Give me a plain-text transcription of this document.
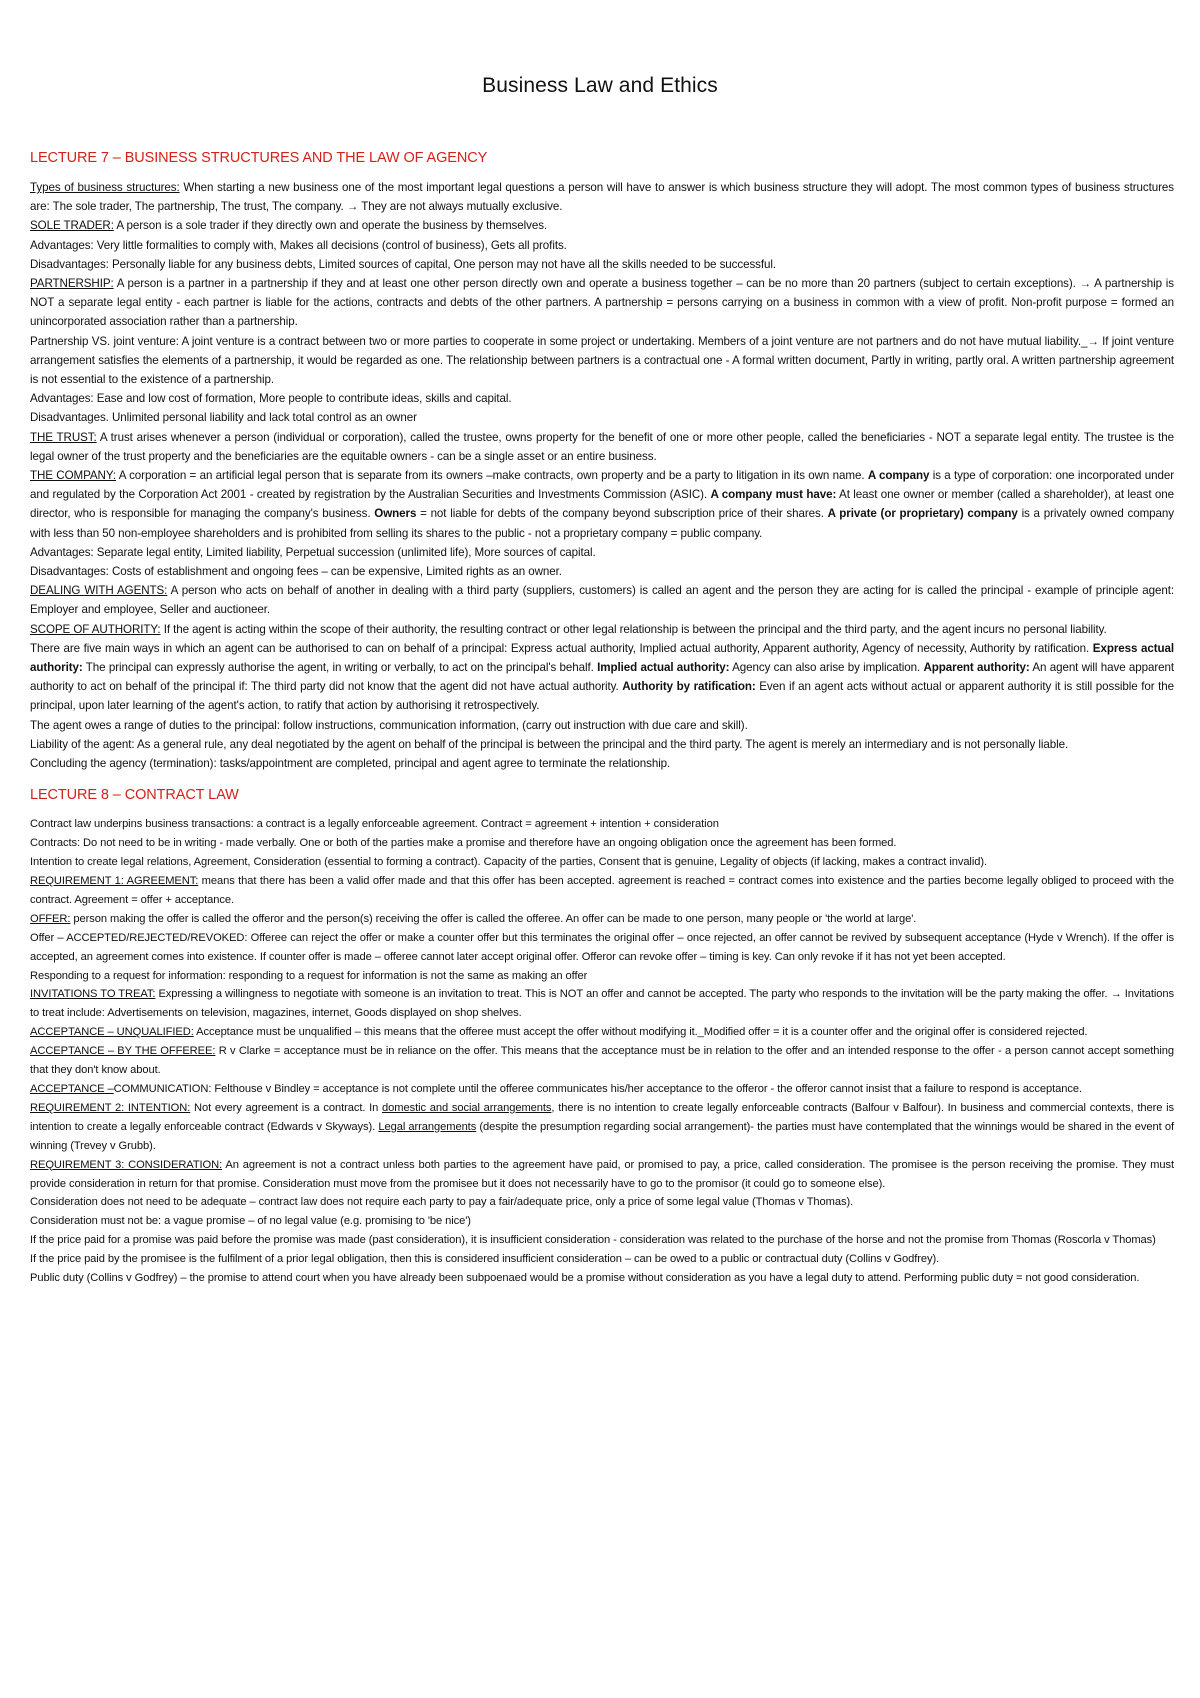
Business Law and Ethics
LECTURE 7 – BUSINESS STRUCTURES AND THE LAW OF AGENCY

Types of business structures: When starting a new business one of the most important legal questions a person will have to answer is which business structure they will adopt. The most common types of business structures are: The sole trader, The partnership, The trust, The company. → They are not always mutually exclusive.

SOLE TRADER: A person is a sole trader if they directly own and operate the business by themselves.

Advantages: Very little formalities to comply with, Makes all decisions (control of business), Gets all profits.

Disadvantages: Personally liable for any business debts, Limited sources of capital, One person may not have all the skills needed to be successful.

PARTNERSHIP: A person is a partner in a partnership if they and at least one other person directly own and operate a business together – can be no more than 20 partners (subject to certain exceptions). → A partnership is NOT a separate legal entity - each partner is liable for the actions, contracts and debts of the other partners. A partnership = persons carrying on a business in common with a view of profit. Non-profit purpose = formed an unincorporated association rather than a partnership.

Partnership VS. joint venture: A joint venture is a contract between two or more parties to cooperate in some project or undertaking. Members of a joint venture are not partners and do not have mutual liability._→ If joint venture arrangement satisfies the elements of a partnership, it would be regarded as one. The relationship between partners is a contractual one - A formal written document, Partly in writing, partly oral. A written partnership agreement is not essential to the existence of a partnership.

Advantages: Ease and low cost of formation, More people to contribute ideas, skills and capital.

Disadvantages. Unlimited personal liability and lack total control as an owner

THE TRUST: A trust arises whenever a person (individual or corporation), called the trustee, owns property for the benefit of one or more other people, called the beneficiaries - NOT a separate legal entity. The trustee is the legal owner of the trust property and the beneficiaries are the equitable owners - can be a single asset or an entire business.

THE COMPANY: A corporation = an artificial legal person that is separate from its owners –make contracts, own property and be a party to litigation in its own name. A company is a type of corporation: one incorporated under and regulated by the Corporation Act 2001 - created by registration by the Australian Securities and Investments Commission (ASIC). A company must have: At least one owner or member (called a shareholder), at least one director, who is responsible for managing the company's business. Owners = not liable for debts of the company beyond subscription price of their shares. A private (or proprietary) company is a privately owned company with less than 50 non-employee shareholders and is prohibited from selling its shares to the public - not a proprietary company = public company.

Advantages: Separate legal entity, Limited liability, Perpetual succession (unlimited life), More sources of capital.

Disadvantages: Costs of establishment and ongoing fees – can be expensive, Limited rights as an owner.

DEALING WITH AGENTS: A person who acts on behalf of another in dealing with a third party (suppliers, customers) is called an agent and the person they are acting for is called the principal - example of principle agent: Employer and employee, Seller and auctioneer.

SCOPE OF AUTHORITY: If the agent is acting within the scope of their authority, the resulting contract or other legal relationship is between the principal and the third party, and the agent incurs no personal liability.

There are five main ways in which an agent can be authorised to can on behalf of a principal: Express actual authority, Implied actual authority, Apparent authority, Agency of necessity, Authority by ratification. Express actual authority: The principal can expressly authorise the agent, in writing or verbally, to act on the principal's behalf. Implied actual authority: Agency can also arise by implication. Apparent authority: An agent will have apparent authority to act on behalf of the principal if: The third party did not know that the agent did not have actual authority. Authority by ratification: Even if an agent acts without actual or apparent authority it is still possible for the principal, upon later learning of the agent's action, to ratify that action by authorising it retrospectively.

The agent owes a range of duties to the principal: follow instructions, communication information, (carry out instruction with due care and skill).

Liability of the agent: As a general rule, any deal negotiated by the agent on behalf of the principal is between the principal and the third party. The agent is merely an intermediary and is not personally liable.

Concluding the agency (termination): tasks/appointment are completed, principal and agent agree to terminate the relationship.

LECTURE 8 – CONTRACT LAW

Contract law underpins business transactions: a contract is a legally enforceable agreement. Contract = agreement + intention + consideration

Contracts: Do not need to be in writing - made verbally. One or both of the parties make a promise and therefore have an ongoing obligation once the agreement has been formed.

Intention to create legal relations, Agreement, Consideration (essential to forming a contract). Capacity of the parties, Consent that is genuine, Legality of objects (if lacking, makes a contract invalid).

REQUIREMENT 1: AGREEMENT: means that there has been a valid offer made and that this offer has been accepted. agreement is reached = contract comes into existence and the parties become legally obliged to proceed with the contract. Agreement = offer + acceptance.

OFFER: person making the offer is called the offeror and the person(s) receiving the offer is called the offeree. An offer can be made to one person, many people or 'the world at large'.

Offer – ACCEPTED/REJECTED/REVOKED: Offeree can reject the offer or make a counter offer but this terminates the original offer – once rejected, an offer cannot be revived by subsequent acceptance (Hyde v Wrench). If the offer is accepted, an agreement comes into existence. If counter offer is made – offeree cannot later accept original offer. Offeror can revoke offer – timing is key. Can only revoke if it has not yet been accepted.

Responding to a request for information: responding to a request for information is not the same as making an offer

INVITATIONS TO TREAT: Expressing a willingness to negotiate with someone is an invitation to treat. This is NOT an offer and cannot be accepted. The party who responds to the invitation will be the party making the offer. → Invitations to treat include: Advertisements on television, magazines, internet, Goods displayed on shop shelves.

ACCEPTANCE – UNQUALIFIED: Acceptance must be unqualified – this means that the offeree must accept the offer without modifying it._Modified offer = it is a counter offer and the original offer is considered rejected.

ACCEPTANCE – BY THE OFFEREE: R v Clarke = acceptance must be in reliance on the offer. This means that the acceptance must be in relation to the offer and an intended response to the offer - a person cannot accept something that they don't know about.

ACCEPTANCE –COMMUNICATION: Felthouse v Bindley = acceptance is not complete until the offeree communicates his/her acceptance to the offeror - the offeror cannot insist that a failure to respond is acceptance.

REQUIREMENT 2: INTENTION: Not every agreement is a contract. In domestic and social arrangements, there is no intention to create legally enforceable contracts (Balfour v Balfour). In business and commercial contexts, there is intention to create a legally enforceable contract (Edwards v Skyways). Legal arrangements (despite the presumption regarding social arrangement)- the parties must have contemplated that the winnings would be shared in the event of winning (Trevey v Grubb).

REQUIREMENT 3: CONSIDERATION: An agreement is not a contract unless both parties to the agreement have paid, or promised to pay, a price, called consideration. The promisee is the person receiving the promise. They must provide consideration in return for that promise. Consideration must move from the promisee but it does not necessarily have to go to the promisor (it could go to someone else).

Consideration does not need to be adequate – contract law does not require each party to pay a fair/adequate price, only a price of some legal value (Thomas v Thomas).

Consideration must not be: a vague promise – of no legal value (e.g. promising to 'be nice')

If the price paid for a promise was paid before the promise was made (past consideration), it is insufficient consideration - consideration was related to the purchase of the horse and not the promise from Thomas (Roscorla v Thomas)

If the price paid by the promisee is the fulfilment of a prior legal obligation, then this is considered insufficient consideration – can be owed to a public or contractual duty (Collins v Godfrey).

Public duty (Collins v Godfrey) – the promise to attend court when you have already been subpoenaed would be a promise without consideration as you have a legal duty to attend. Performing public duty = not good consideration.
